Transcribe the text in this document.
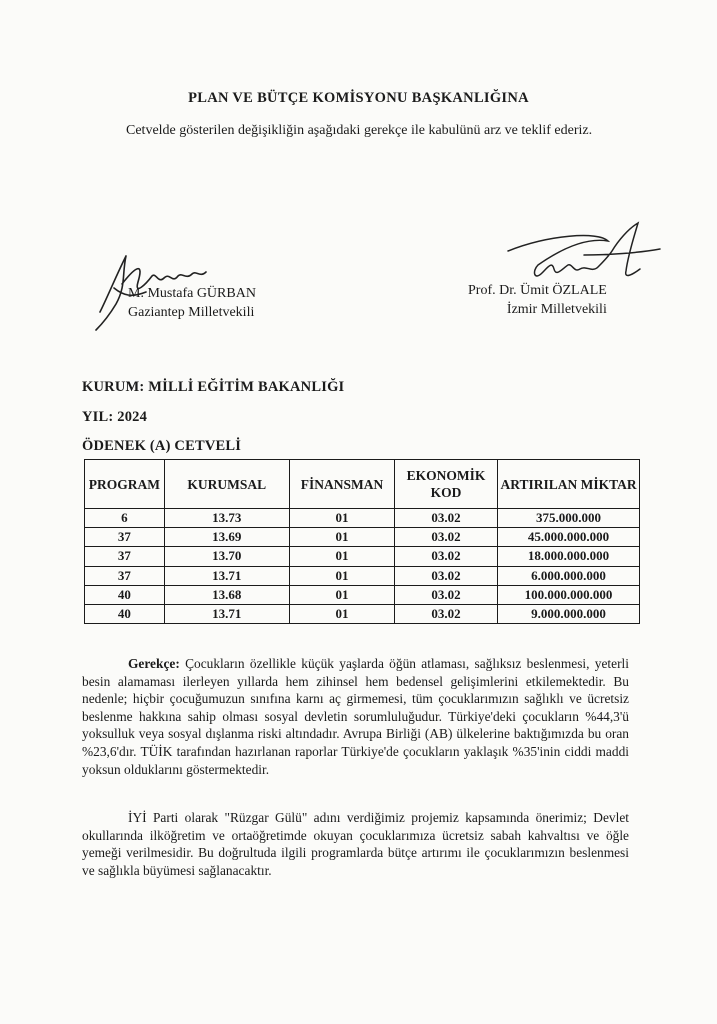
PLAN VE BÜTÇE KOMİSYONU BAŞKANLIĞINA
Cetvelde gösterilen değişikliğin aşağıdaki gerekçe ile kabulünü arz ve teklif ederiz.
M. Mustafa GÜRBAN
Gaziantep Milletvekili
Prof. Dr. Ümit ÖZLALE
İzmir Milletvekili
KURUM: MİLLİ EĞİTİM BAKANLIĞI
YIL: 2024
ÖDENEK (A) CETVELİ
PROGRAM	KURUMSAL	FİNANSMAN	EKONOMİK KOD	ARTIRILAN MİKTAR
6	13.73	01	03.02	375.000.000
37	13.69	01	03.02	45.000.000.000
37	13.70	01	03.02	18.000.000.000
37	13.71	01	03.02	6.000.000.000
40	13.68	01	03.02	100.000.000.000
40	13.71	01	03.02	9.000.000.000
Gerekçe: Çocukların özellikle küçük yaşlarda öğün atlaması, sağlıksız beslenmesi, yeterli besin alamaması ilerleyen yıllarda hem zihinsel hem bedensel gelişimlerini etkilemektedir. Bu nedenle; hiçbir çocuğumuzun sınıfına karnı aç girmemesi, tüm çocuklarımızın sağlıklı ve ücretsiz beslenme hakkına sahip olması sosyal devletin sorumluluğudur. Türkiye'deki çocukların %44,3'ü yoksulluk veya sosyal dışlanma riski altındadır. Avrupa Birliği (AB) ülkelerine baktığımızda bu oran %23,6'dır. TÜİK tarafından hazırlanan raporlar Türkiye'de çocukların yaklaşık %35'inin ciddi maddi yoksun olduklarını göstermektedir.
İYİ Parti olarak "Rüzgar Gülü" adını verdiğimiz projemiz kapsamında önerimiz; Devlet okullarında ilköğretim ve ortaöğretimde okuyan çocuklarımıza ücretsiz sabah kahvaltısı ve öğle yemeği verilmesidir. Bu doğrultuda ilgili programlarda bütçe artırımı ile çocuklarımızın beslenmesi ve sağlıkla büyümesi sağlanacaktır.
